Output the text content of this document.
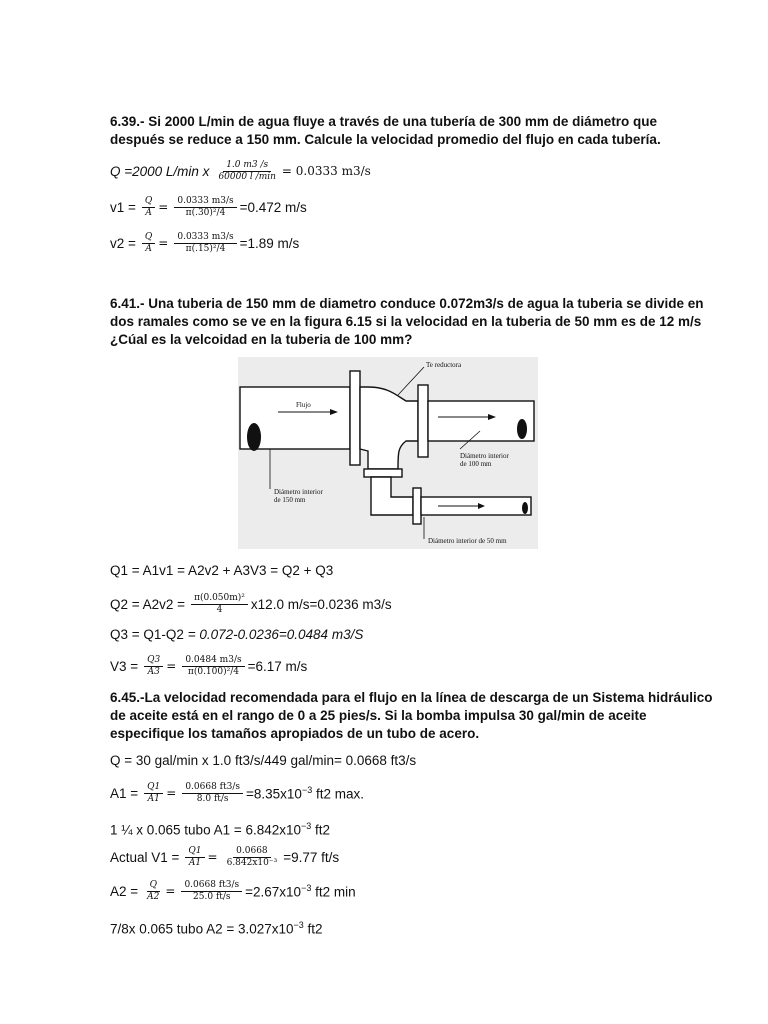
6.39.- Si 2000 L/min de agua fluye a través de una tubería de 300 mm de diámetro que
después se reduce a 150 mm. Calcule la velocidad promedio del flujo en cada tubería.
Q =2000 L/min x $\frac{1.0 m3 /s}{60000 l /\min} = 0.0333$ m3/s
$v1 = \frac{Q}{A} = \frac{0.0333 m3/s}{\text{π(.30)²/4}} =0.472$ m/s
$v2 = \frac{Q}{A} = \frac{0.0333 m3/s}{\text{π(.15)²/4}} =1.89$ m/s
6.41.- Una tuberia de 150 mm de diametro conduce 0.072m3/s de agua la tuberia se divide en
dos ramales como se ve en la figura 6.15 si la velocidad en la tuberia de 50 mm es de 12 m/s
¿Cúal es la velcoidad en la tuberia de 100 mm?
Te reductora
Flujo
Diámetro interior
de 100 mm
Diámetro interior
de 150 mm
Diámetro interior de 50 mm
Q1 = A1v1 = A2v2 + A3V3 = Q2 + Q3
$Q2 = A2v2 = \frac{\text{π(0.050m)²}}{4} x12.0$ m/s=0.0236 m3/s
Q3 = Q1-Q2 = 0.072-0.0236=0.0484 m3/S
$V3 = \frac{Q3}{A3} = \frac{0.0484 m3/s}{\text{π(0.100)²/4}} =6.17$ m/s
6.45.-La velocidad recomendada para el flujo en la línea de descarga de un Sistema hidráulico
de aceite está en el rango de 0 a 25 pies/s. Si la bomba impulsa 30 gal/min de aceite
especifique los tamaños apropiados de un tubo de acero.
Q = 30 gal/min x 1.0 ft3/s/449 gal/min= 0.0668 ft3/s
$A1 = \frac{Q1}{A1} = \frac{0.0668 ft3/s}{8.0 ft/s} =8.35x10^{-3}$ ft2 max.
1 ¼ x 0.065 tubo $A1 = 6.842x10^{-3}$ ft2
Actual $V1 = \frac{Q1}{A1} = \frac{0.0668}{\text{6.842x10⁻³}} =9.77$ ft/s
$A2 = \frac{Q}{A2} = \frac{0.0668 ft3/s}{25.0 ft/s} =2.67x10^{-3}$ ft2 min
7/8x 0.065 tubo $A2 = 3.027x10^{-3}$ ft2
